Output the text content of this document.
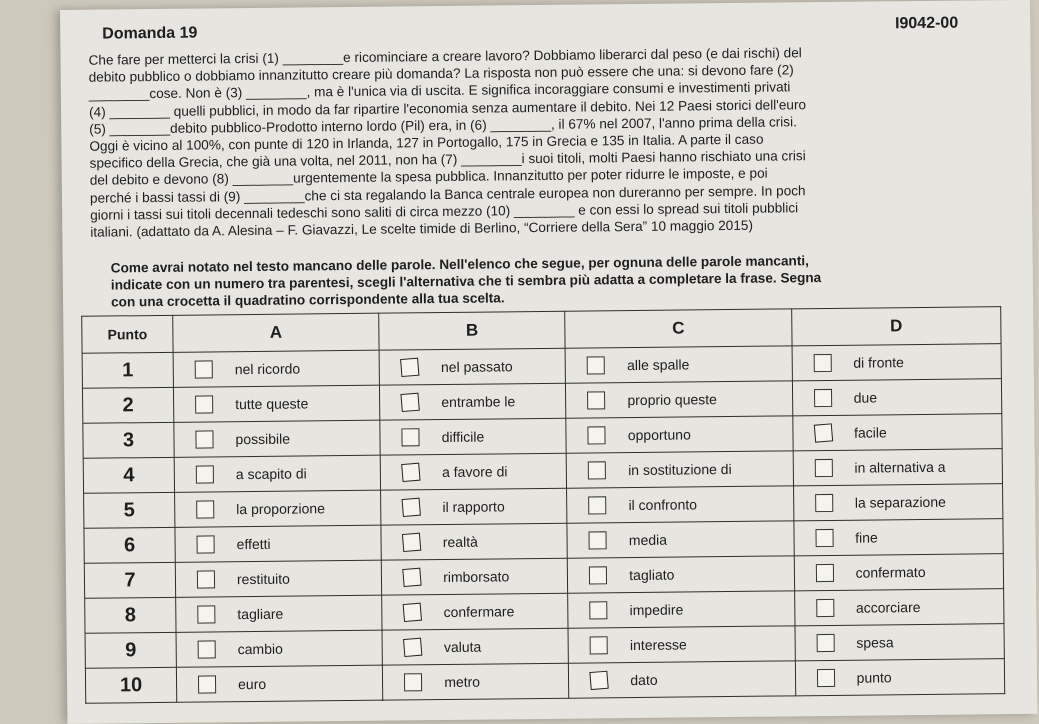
Domanda 19
I9042-00
Che fare per metterci la crisi (1) ________e ricominciare a creare lavoro? Dobbiamo liberarci dal peso (e dai rischi) del
debito pubblico o dobbiamo innanzitutto creare più domanda? La risposta non può essere che una: si devono fare (2)
________cose. Non è (3) ________, ma è l'unica via di uscita. E significa incoraggiare consumi e investimenti privati
(4) ________ quelli pubblici, in modo da far ripartire l'economia senza aumentare il debito. Nei 12 Paesi storici dell'euro
(5) ________debito pubblico-Prodotto interno lordo (Pil) era, in (6) ________, il 67% nel 2007, l'anno prima della crisi.
Oggi è vicino al 100%, con punte di 120 in Irlanda, 127 in Portogallo, 175 in Grecia e 135 in Italia. A parte il caso
specifico della Grecia, che già una volta, nel 2011, non ha (7) ________i suoi titoli, molti Paesi hanno rischiato una crisi
del debito e devono (8) ________urgentemente la spesa pubblica. Innanzitutto per poter ridurre le imposte, e poi
perché i bassi tassi di (9) ________che ci sta regalando la Banca centrale europea non dureranno per sempre. In poch
giorni i tassi sui titoli decennali tedeschi sono saliti di circa mezzo (10) ________ e con essi lo spread sui titoli pubblici
italiani. (adattato da A. Alesina – F. Giavazzi, Le scelte timide di Berlino, “Corriere della Sera” 10 maggio 2015)
Come avrai notato nel testo mancano delle parole. Nell'elenco che segue, per ognuna delle parole mancanti,
indicate con un numero tra parentesi, scegli l'alternativa che ti sembra più adatta a completare la frase. Segna
con una crocetta il quadratino corrispondente alla tua scelta.
Punto	A	B	C	D
1	nel ricordo	nel passato	alle spalle	di fronte

2	tutte queste	entrambe le	proprio queste	due

3	possibile	difficile	opportuno	facile

4	a scapito di	a favore di	in sostituzione di	in alternativa a

5	la proporzione	il rapporto	il confronto	la separazione

6	effetti	realtà	media	fine

7	restituito	rimborsato	tagliato	confermato

8	tagliare	confermare	impedire	accorciare

9	cambio	valuta	interesse	spesa

10	euro	metro	dato	punto
